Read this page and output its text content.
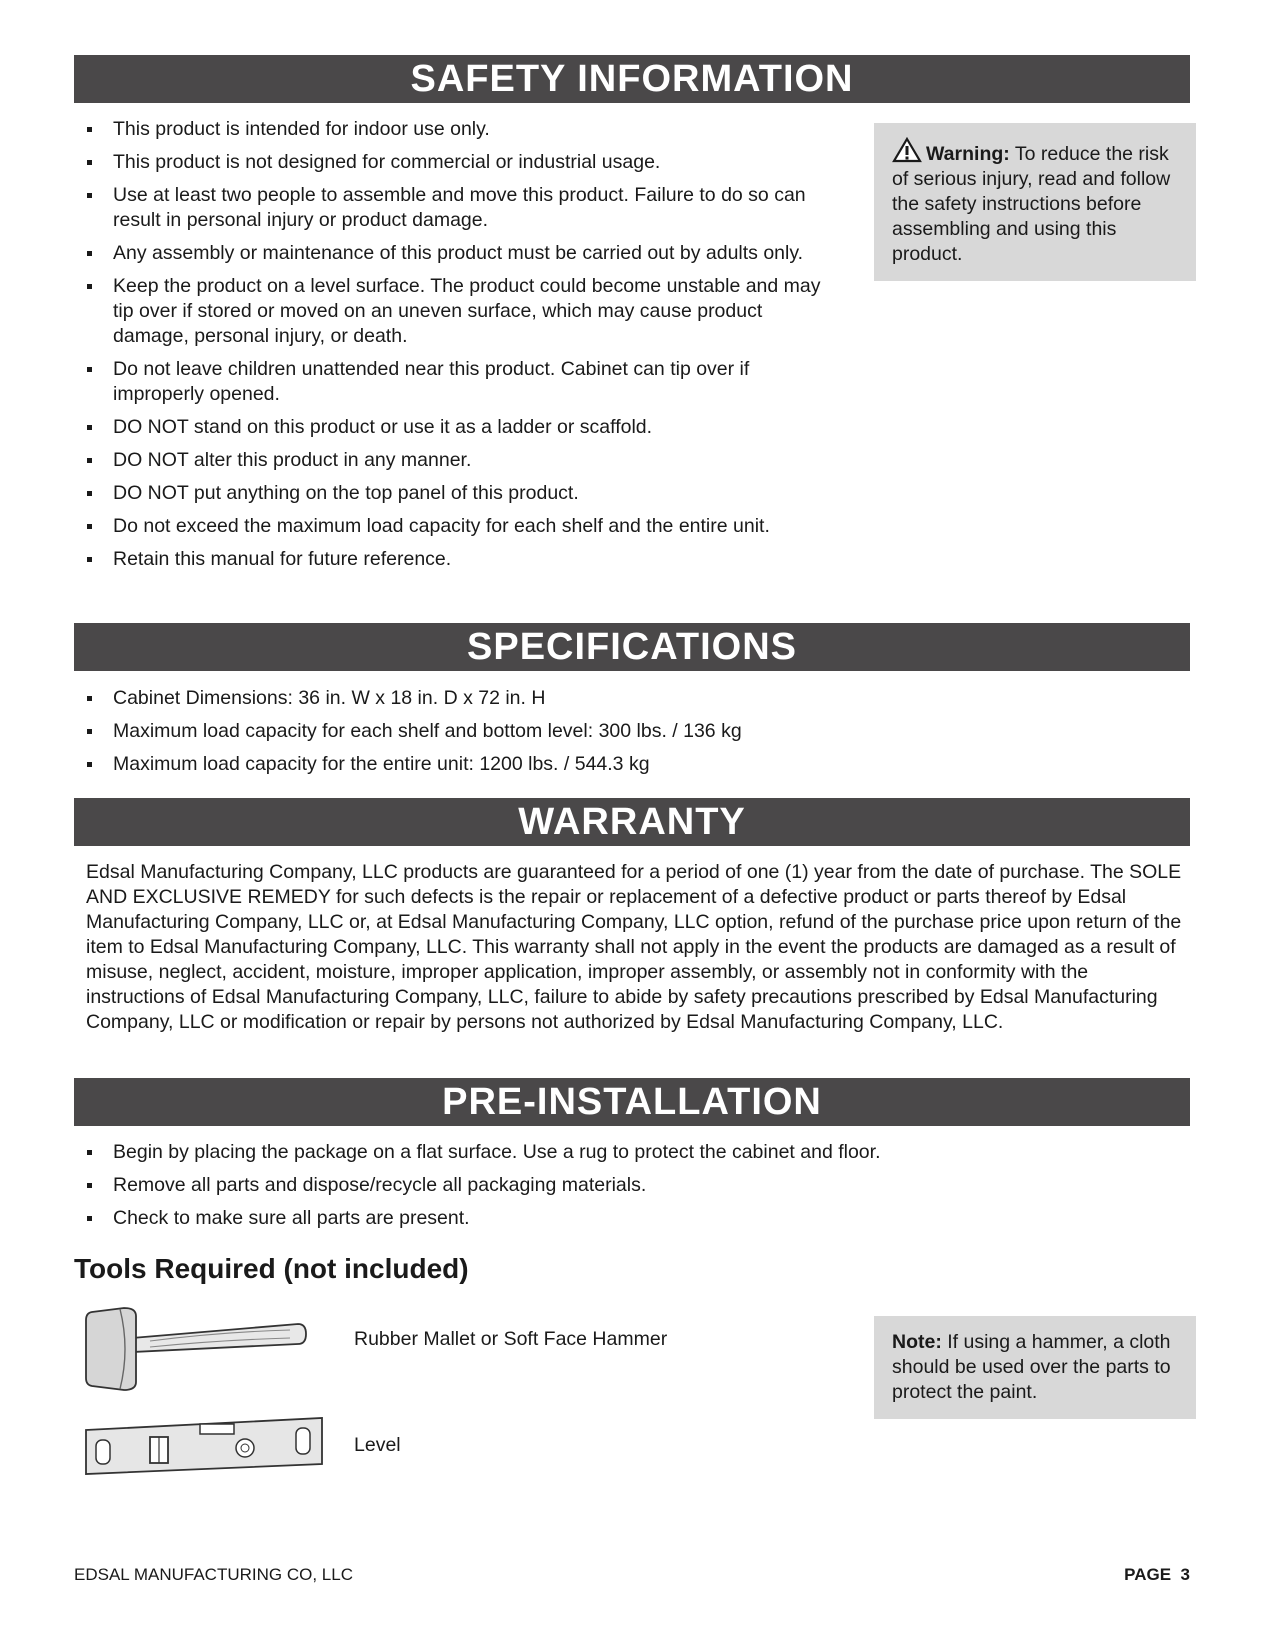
SAFETY INFORMATION
This product is intended for indoor use only.
This product is not designed for commercial or industrial usage.
Use at least two people to assemble and move this product. Failure to do so can result in personal injury or product damage.
Any assembly or maintenance of this product must be carried out by adults only.
Keep the product on a level surface. The product could become unstable and may tip over if stored or moved on an uneven surface, which may cause product damage, personal injury, or death.
Do not leave children unattended near this product. Cabinet can tip over if improperly opened.
DO NOT stand on this product or use it as a ladder or scaffold.
DO NOT alter this product in any manner.
DO NOT put anything on the top panel of this product.
Do not exceed the maximum load capacity for each shelf and the entire unit.
Retain this manual for future reference.
Warning: To reduce the risk of serious injury, read and follow the safety instructions before assembling and using this product.
SPECIFICATIONS
Cabinet Dimensions: 36 in. W x 18 in. D x 72 in. H
Maximum load capacity for each shelf and bottom level: 300 lbs. / 136 kg
Maximum load capacity for the entire unit: 1200 lbs. / 544.3 kg
WARRANTY

Edsal Manufacturing Company, LLC products are guaranteed for a period of one (1) year from the date of purchase. The SOLE AND EXCLUSIVE REMEDY for such defects is the repair or replacement of a defective product or parts thereof by Edsal Manufacturing Company, LLC or, at Edsal Manufacturing Company, LLC option, refund of the purchase price upon return of the item to Edsal Manufacturing Company, LLC. This warranty shall not apply in the event the products are damaged as a result of misuse, neglect, accident, moisture, improper application, improper assembly, or assembly not in conformity with the instructions of Edsal Manufacturing Company, LLC, failure to abide by safety precautions prescribed by Edsal Manufacturing Company, LLC or modification or repair by persons not authorized by Edsal Manufacturing Company, LLC.

PRE-INSTALLATION
Begin by placing the package on a flat surface. Use a rug to protect the cabinet and floor.
Remove all parts and dispose/recycle all packaging materials.
Check to make sure all parts are present.
Tools Required (not included)
Rubber Mallet or Soft Face Hammer
Level
Note: If using a hammer, a cloth should be used over the parts to protect the paint.
EDSAL MANUFACTURING CO, LLC	PAGE  3
